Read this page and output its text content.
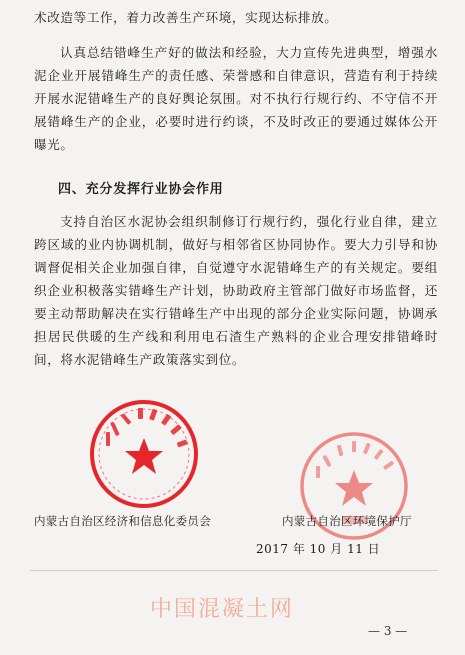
术改造等工作，着力改善生产环境，实现达标排放。

认真总结错峰生产好的做法和经验，大力宣传先进典型，增强水泥企业开展错峰生产的责任感、荣誉感和自律意识，营造有利于持续开展水泥错峰生产的良好舆论氛围。对不执行行规行约、不守信不开展错峰生产的企业，必要时进行约谈，不及时改正的要通过媒体公开曝光。

四、充分发挥行业协会作用

支持自治区水泥协会组织制修订行规行约，强化行业自律，建立跨区域的业内协调机制，做好与相邻省区协同协作。要大力引导和协调督促相关企业加强自律，自觉遵守水泥错峰生产的有关规定。要组织企业积极落实错峰生产计划，协助政府主管部门做好市场监督，还要主动帮助解决在实行错峰生产中出现的部分企业实际问题，协调承担居民供暖的生产线和利用电石渣生产熟料的企业合理安排错峰时间，将水泥错峰生产政策落实到位。

内蒙古自治区经济和信息化委员会	内蒙古自治区环境保护厅
2017 年 10 月 11 日
中国混凝土网
— 3 —
